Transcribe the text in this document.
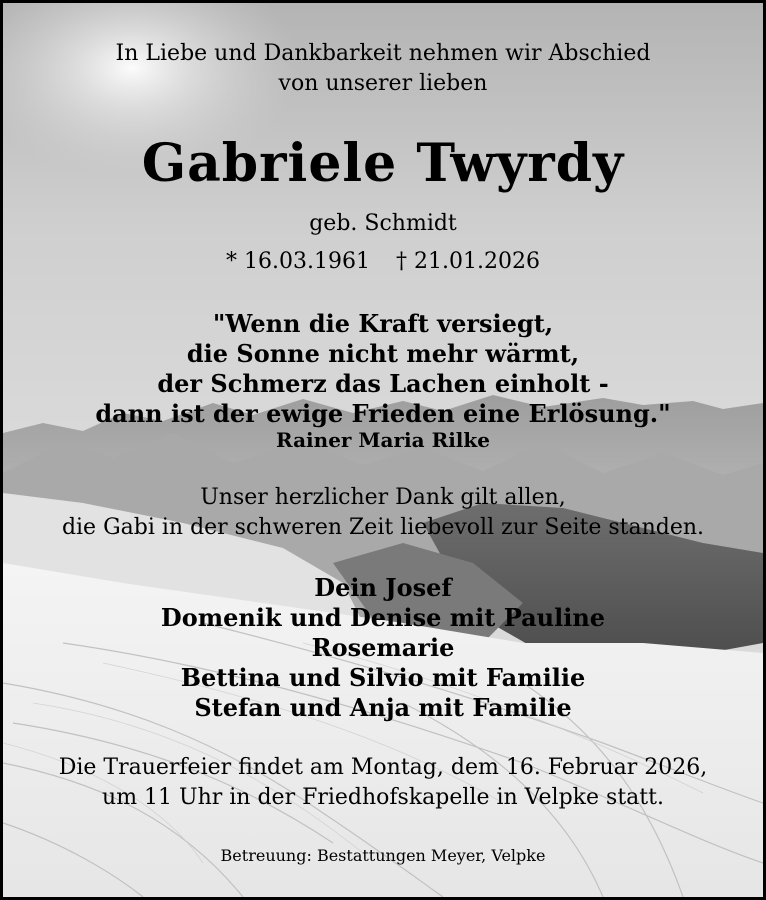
In Liebe und Dankbarkeit nehmen wir Abschied
von unserer lieben
Gabriele Twyrdy
geb. Schmidt
* 16.03.1961 † 21.01.2026
"Wenn die Kraft versiegt,
die Sonne nicht mehr wärmt,
der Schmerz das Lachen einholt -
dann ist der ewige Frieden eine Erlösung."
Rainer Maria Rilke
Unser herzlicher Dank gilt allen,
die Gabi in der schweren Zeit liebevoll zur Seite standen.
Dein Josef
Domenik und Denise mit Pauline
Rosemarie
Bettina und Silvio mit Familie
Stefan und Anja mit Familie
Die Trauerfeier findet am Montag, dem 16. Februar 2026,
um 11 Uhr in der Friedhofskapelle in Velpke statt.
Betreuung: Bestattungen Meyer, Velpke
